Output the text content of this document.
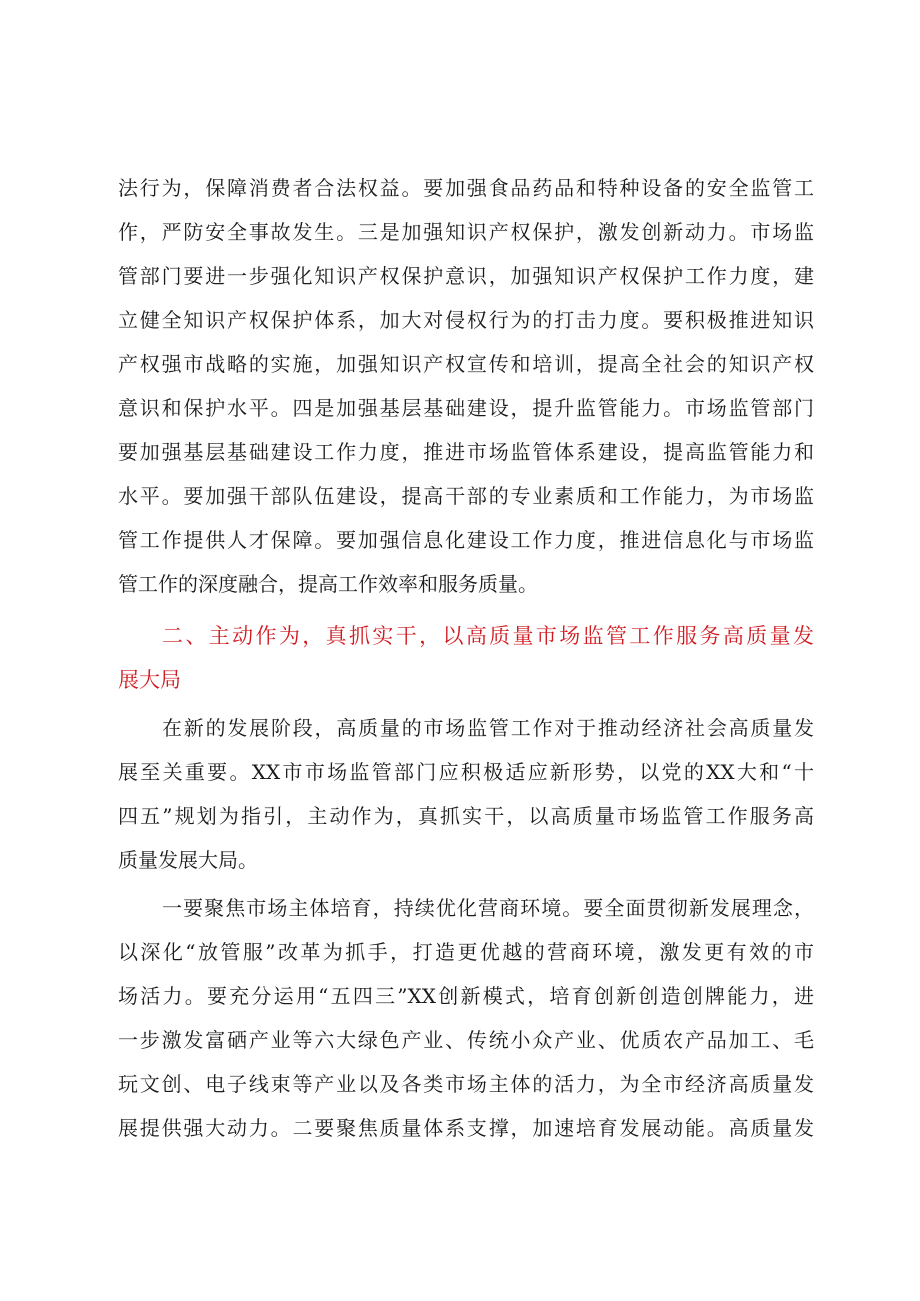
法行为，保障消费者合法权益。要加强食品药品和特种设备的安全监管工
作，严防安全事故发生。三是加强知识产权保护，激发创新动力。市场监
管部门要进一步强化知识产权保护意识，加强知识产权保护工作力度，建
立健全知识产权保护体系，加大对侵权行为的打击力度。要积极推进知识
产权强市战略的实施，加强知识产权宣传和培训，提高全社会的知识产权
意识和保护水平。四是加强基层基础建设，提升监管能力。市场监管部门
要加强基层基础建设工作力度，推进市场监管体系建设，提高监管能力和
水平。要加强干部队伍建设，提高干部的专业素质和工作能力，为市场监
管工作提供人才保障。要加强信息化建设工作力度，推进信息化与市场监
管工作的深度融合，提高工作效率和服务质量。
二、主动作为，真抓实干，以高质量市场监管工作服务高质量发
展大局
在新的发展阶段，高质量的市场监管工作对于推动经济社会高质量发
展至关重要。XX市市场监管部门应积极适应新形势，以党的XX大和“十
四五”规划为指引，主动作为，真抓实干，以高质量市场监管工作服务高
质量发展大局。
一要聚焦市场主体培育，持续优化营商环境。要全面贯彻新发展理念，
以深化“放管服”改革为抓手，打造更优越的营商环境，激发更有效的市
场活力。要充分运用“五四三”XX创新模式，培育创新创造创牌能力，进
一步激发富硒产业等六大绿色产业、传统小众产业、优质农产品加工、毛
玩文创、电子线束等产业以及各类市场主体的活力，为全市经济高质量发
展提供强大动力。二要聚焦质量体系支撑，加速培育发展动能。高质量发
